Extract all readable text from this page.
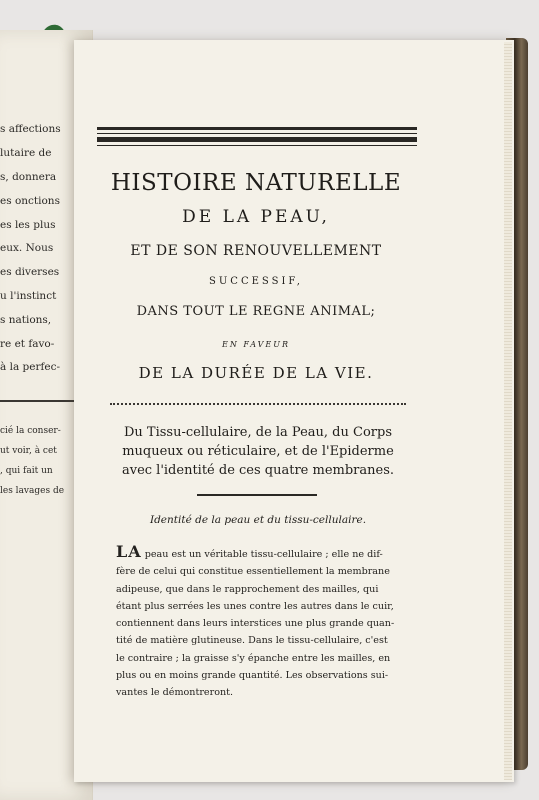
s affections
lutaire de
s, donnera
es onctions
es les plus
eux. Nous
es diverses
u l'instinct
s nations,
re et favo-
à la perfec-
cié la conser-
ut voir, à cet
, qui fait un
les lavages de
HISTOIRE NATURELLE
DE LA PEAU,
ET DE SON RENOUVELLEMENT
SUCCESSIF,
DANS TOUT LE REGNE ANIMAL;
EN FAVEUR
DE LA DURÉE DE LA VIE.
Du Tissu-cellulaire, de la Peau, du Corps muqueux ou réticulaire, et de l'Epiderme avec l'identité de ces quatre membranes.
Identité de la peau et du tissu-cellulaire.
LA peau est un véritable tissu-cellulaire ; elle ne dif-
fère de celui qui constitue essentiellement la membrane
adipeuse, que dans le rapprochement des mailles, qui
étant plus serrées les unes contre les autres dans le cuir,
contiennent dans leurs interstices une plus grande quan-
tité de matière glutineuse. Dans le tissu-cellulaire, c'est
le contraire ; la graisse s'y épanche entre les mailles, en
plus ou en moins grande quantité. Les observations sui-
vantes le démontreront.
